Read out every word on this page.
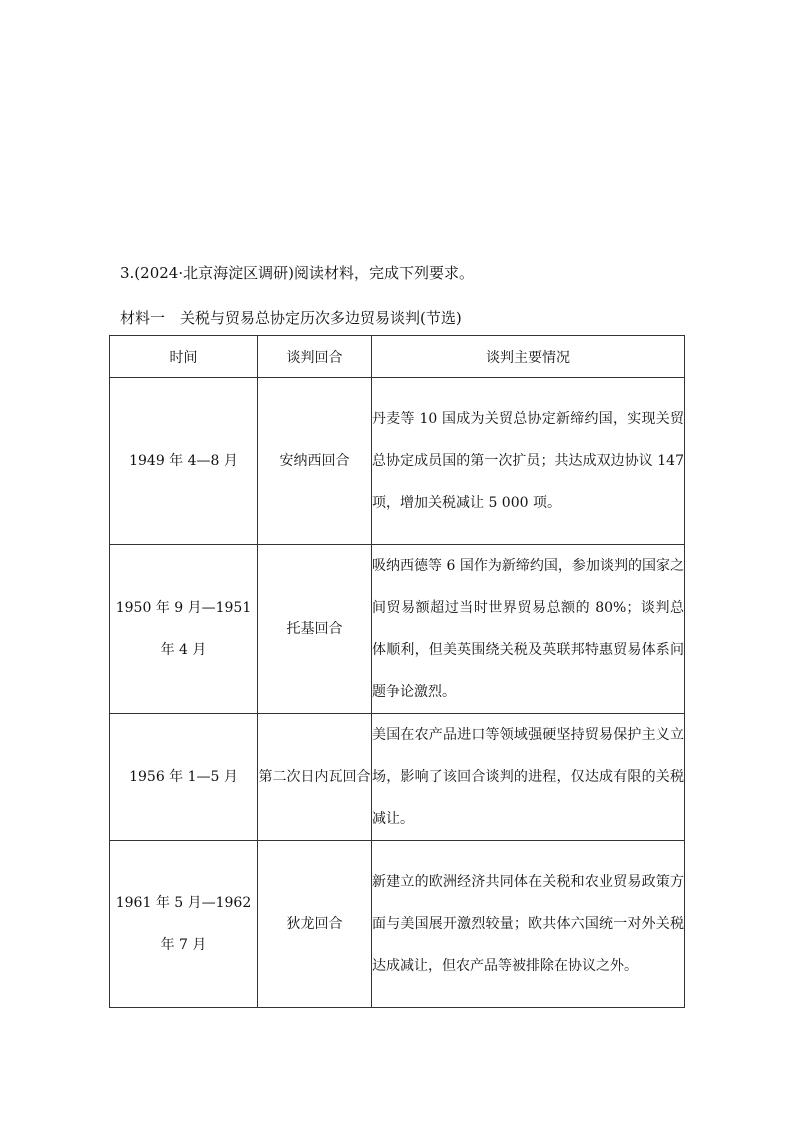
3.(2024·北京海淀区调研)阅读材料，完成下列要求。
材料一　关税与贸易总协定历次多边贸易谈判(节选)
时间	谈判回合	谈判主要情况
1949 年 4—8 月	安纳西回合	丹麦等 10 国成为关贸总协定新缔约国，实现关贸总协定成员国的第一次扩员；共达成双边协议 147 项，增加关税减让 5 000 项。
1950 年 9 月—1951 年 4 月	托基回合	吸纳西德等 6 国作为新缔约国，参加谈判的国家之间贸易额超过当时世界贸易总额的 80%；谈判总体顺利，但美英围绕关税及英联邦特惠贸易体系问题争论激烈。
1956 年 1—5 月	第二次日内瓦回合	美国在农产品进口等领域强硬坚持贸易保护主义立场，影响了该回合谈判的进程，仅达成有限的关税减让。
1961 年 5 月—1962 年 7 月	狄龙回合	新建立的欧洲经济共同体在关税和农业贸易政策方面与美国展开激烈较量；欧共体六国统一对外关税达成减让，但农产品等被排除在协议之外。
